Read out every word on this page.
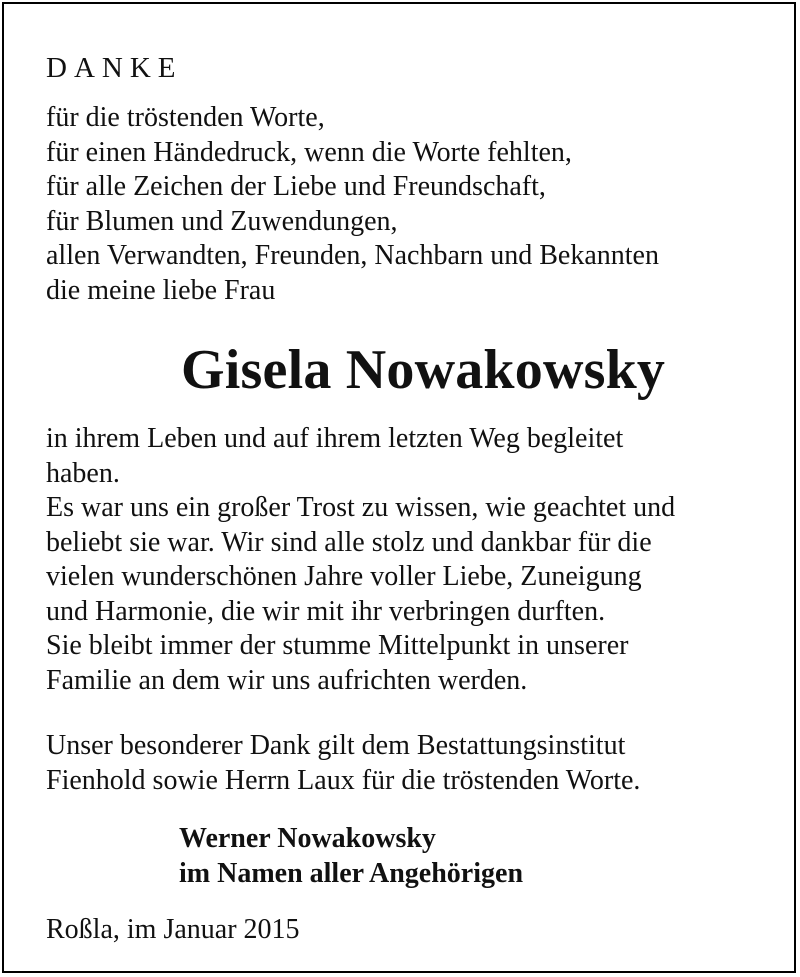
DANKE
für die tröstenden Worte,
für einen Händedruck, wenn die Worte fehlten,
für alle Zeichen der Liebe und Freundschaft,
für Blumen und Zuwendungen,
allen Verwandten, Freunden, Nachbarn und Bekannten
die meine liebe Frau
Gisela Nowakowsky
in ihrem Leben und auf ihrem letzten Weg begleitet
haben.
Es war uns ein großer Trost zu wissen, wie geachtet und
beliebt sie war. Wir sind alle stolz und dankbar für die
vielen wunderschönen Jahre voller Liebe, Zuneigung
und Harmonie, die wir mit ihr verbringen durften.
Sie bleibt immer der stumme Mittelpunkt in unserer
Familie an dem wir uns aufrichten werden.
Unser besonderer Dank gilt dem Bestattungsinstitut
Fienhold sowie Herrn Laux für die tröstenden Worte.
Werner Nowakowsky
im Namen aller Angehörigen
Roßla, im Januar 2015
